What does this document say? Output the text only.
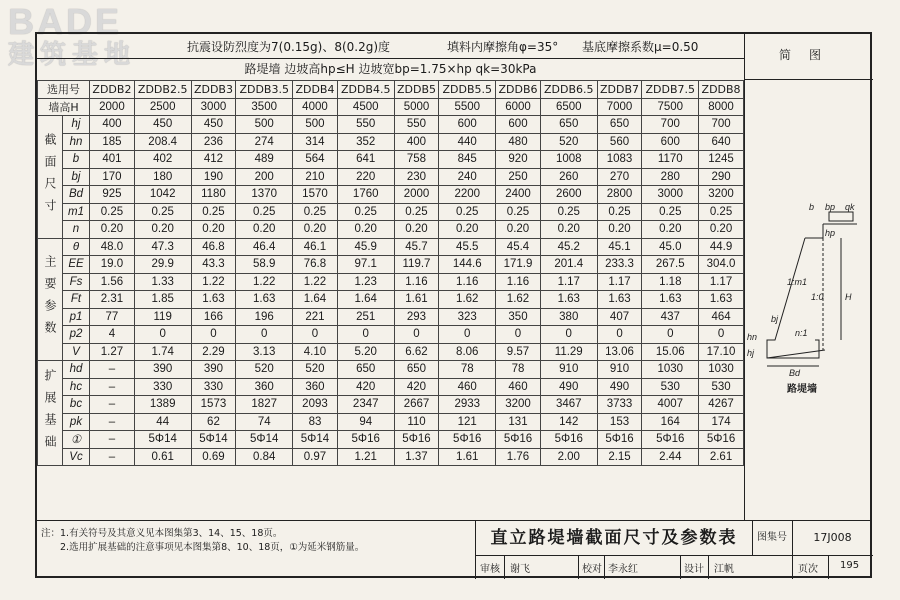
BADE
建筑基地	抗震设防烈度为7(0.15g)、8(0.2g)度	填料内摩擦角φ=35° 基底摩擦系数μ=0.50
路堤墙 边坡高hp≤H 边坡宽bp=1.75×hp qk=30kPa
选用号		ZDDB2	ZDDB2.5	ZDDB3	ZDDB3.5	ZDDB4	ZDDB4.5	ZDDB5	ZDDB5.5	ZDDB6	ZDDB6.5	ZDDB7	ZDDB7.5	ZDDB8
墙高H		2000	2500	3000	3500	4000	4500	5000	5500	6000	6500	7000	7500	8000
截面尺寸	hj	400	450	450	500	500	550	550	600	600	650	650	700	700
	hn	185	208.4	236	274	314	352	400	440	480	520	560	600	640
	b	401	402	412	489	564	641	758	845	920	1008	1083	1170	1245
	bj	170	180	190	200	210	220	230	240	250	260	270	280	290
	Bd	925	1042	1180	1370	1570	1760	2000	2200	2400	2600	2800	3000	3200
	m1	0.25	0.25	0.25	0.25	0.25	0.25	0.25	0.25	0.25	0.25	0.25	0.25	0.25
	n	0.20	0.20	0.20	0.20	0.20	0.20	0.20	0.20	0.20	0.20	0.20	0.20	0.20
主要参数	θ	48.0	47.3	46.8	46.4	46.1	45.9	45.7	45.5	45.4	45.2	45.1	45.0	44.9
	EE	19.0	29.9	43.3	58.9	76.8	97.1	119.7	144.6	171.9	201.4	233.3	267.5	304.0
	Fs	1.56	1.33	1.22	1.22	1.22	1.23	1.16	1.16	1.16	1.17	1.17	1.18	1.17
	Ft	2.31	1.85	1.63	1.63	1.64	1.64	1.61	1.62	1.62	1.63	1.63	1.63	1.63
	p1	77	119	166	196	221	251	293	323	350	380	407	437	464
	p2	4	0	0	0	0	0	0	0	0	0	0	0	0
	V	1.27	1.74	2.29	3.13	4.10	5.20	6.62	8.06	9.57	11.29	13.06	15.06	17.10
扩展基础	hd	–	390	390	520	520	650	650	78	78	910	910	1030	1030
	hc	–	330	330	360	360	420	420	460	460	490	490	530	530
	bc	–	1389	1573	1827	2093	2347	2667	2933	3200	3467	3733	4007	4267
	pk	–	44	62	74	83	94	110	121	131	142	153	164	174
	①	–	5Φ14	5Φ14	5Φ14	5Φ14	5Φ16	5Φ16	5Φ16	5Φ16	5Φ16	5Φ16	5Φ16	5Φ16
	Vc	–	0.61	0.69	0.84	0.97	1.21	1.37	1.61	1.76	2.00	2.15	2.44	2.61
简图
注：1.有关符号及其意义见本图集第3、14、15、18页。
　　2.选用扩展基础的注意事项见本图集第8、10、18页，①为延米钢筋量。	直立路堤墙截面尺寸及参数表	图集号	17J008
审核 谢飞	校对 李永红	设计 江帆	页次 195
b bp qk
hp
1:m1
1:0 H
n:1
hn
hj
bj
Bd
路堤墙
